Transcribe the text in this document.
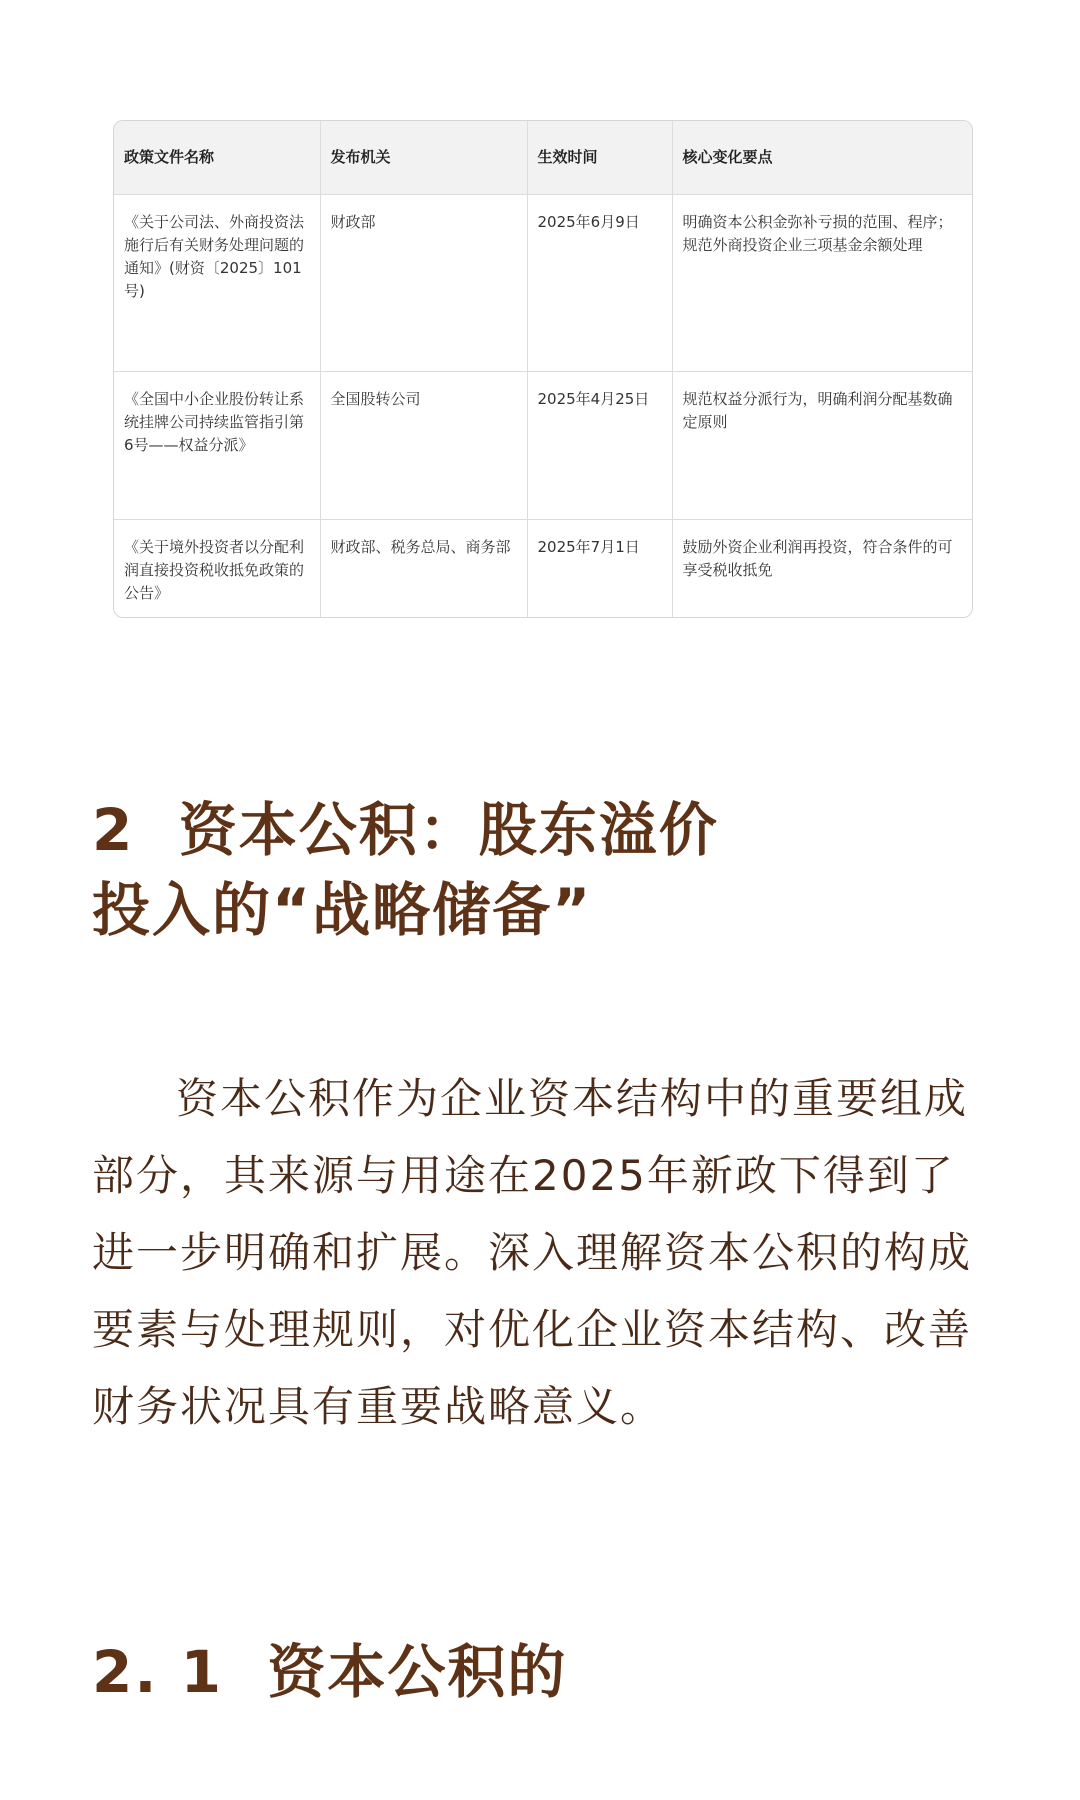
政策文件名称	发布机关	生效时间	核心变化要点
《关于公司法、外商投资法施行后有关财务处理问题的通知》(财资〔2025〕101号)	财政部	2025年6月9日	明确资本公积金弥补亏损的范围、程序；规范外商投资企业三项基金余额处理
《全国中小企业股份转让系统挂牌公司持续监管指引第6号——权益分派》	全国股转公司	2025年4月25日	规范权益分派行为，明确利润分配基数确定原则
《关于境外投资者以分配利润直接投资税收抵免政策的公告》	财政部、税务总局、商务部	2025年7月1日	鼓励外资企业利润再投资，符合条件的可享受税收抵免
2  资本公积：股东溢价
投入的“战略储备”

资本公积作为企业资本结构中的重要组成部分，其来源与用途在2025年新政下得到了进一步明确和扩展。深入理解资本公积的构成要素与处理规则，对优化企业资本结构、改善财务状况具有重要战略意义。

2. 1  资本公积的
